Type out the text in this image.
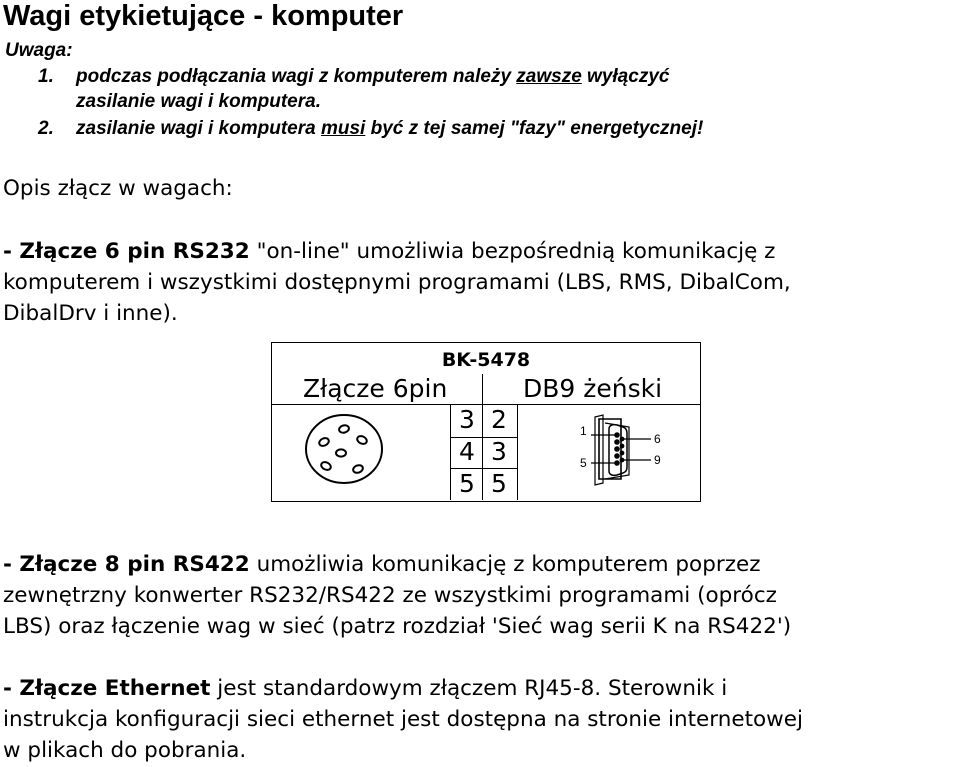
Wagi etykietujące - komputer
Uwaga:
1. podczas podłączania wagi z komputerem należy zawsze wyłączyć
zasilanie wagi i komputera.
2. zasilanie wagi i komputera musi być z tej samej "fazy" energetycznej!
Opis złącz w wagach:
- Złącze 6 pin RS232 "on-line" umożliwia bezpośrednią komunikację z
komputerem i wszystkimi dostępnymi programami (LBS, RMS, DibalCom,
DibalDrv i inne).
BK-5478
Złącze 6pin	DB9 żeński
3 2
4 3
5 5
1
5
6
9
- Złącze 8 pin RS422 umożliwia komunikację z komputerem poprzez
zewnętrzny konwerter RS232/RS422 ze wszystkimi programami (oprócz
LBS) oraz łączenie wag w sieć (patrz rozdział 'Sieć wag serii K na RS422')
- Złącze Ethernet jest standardowym złączem RJ45-8. Sterownik i
instrukcja konfiguracji sieci ethernet jest dostępna na stronie internetowej
w plikach do pobrania.
